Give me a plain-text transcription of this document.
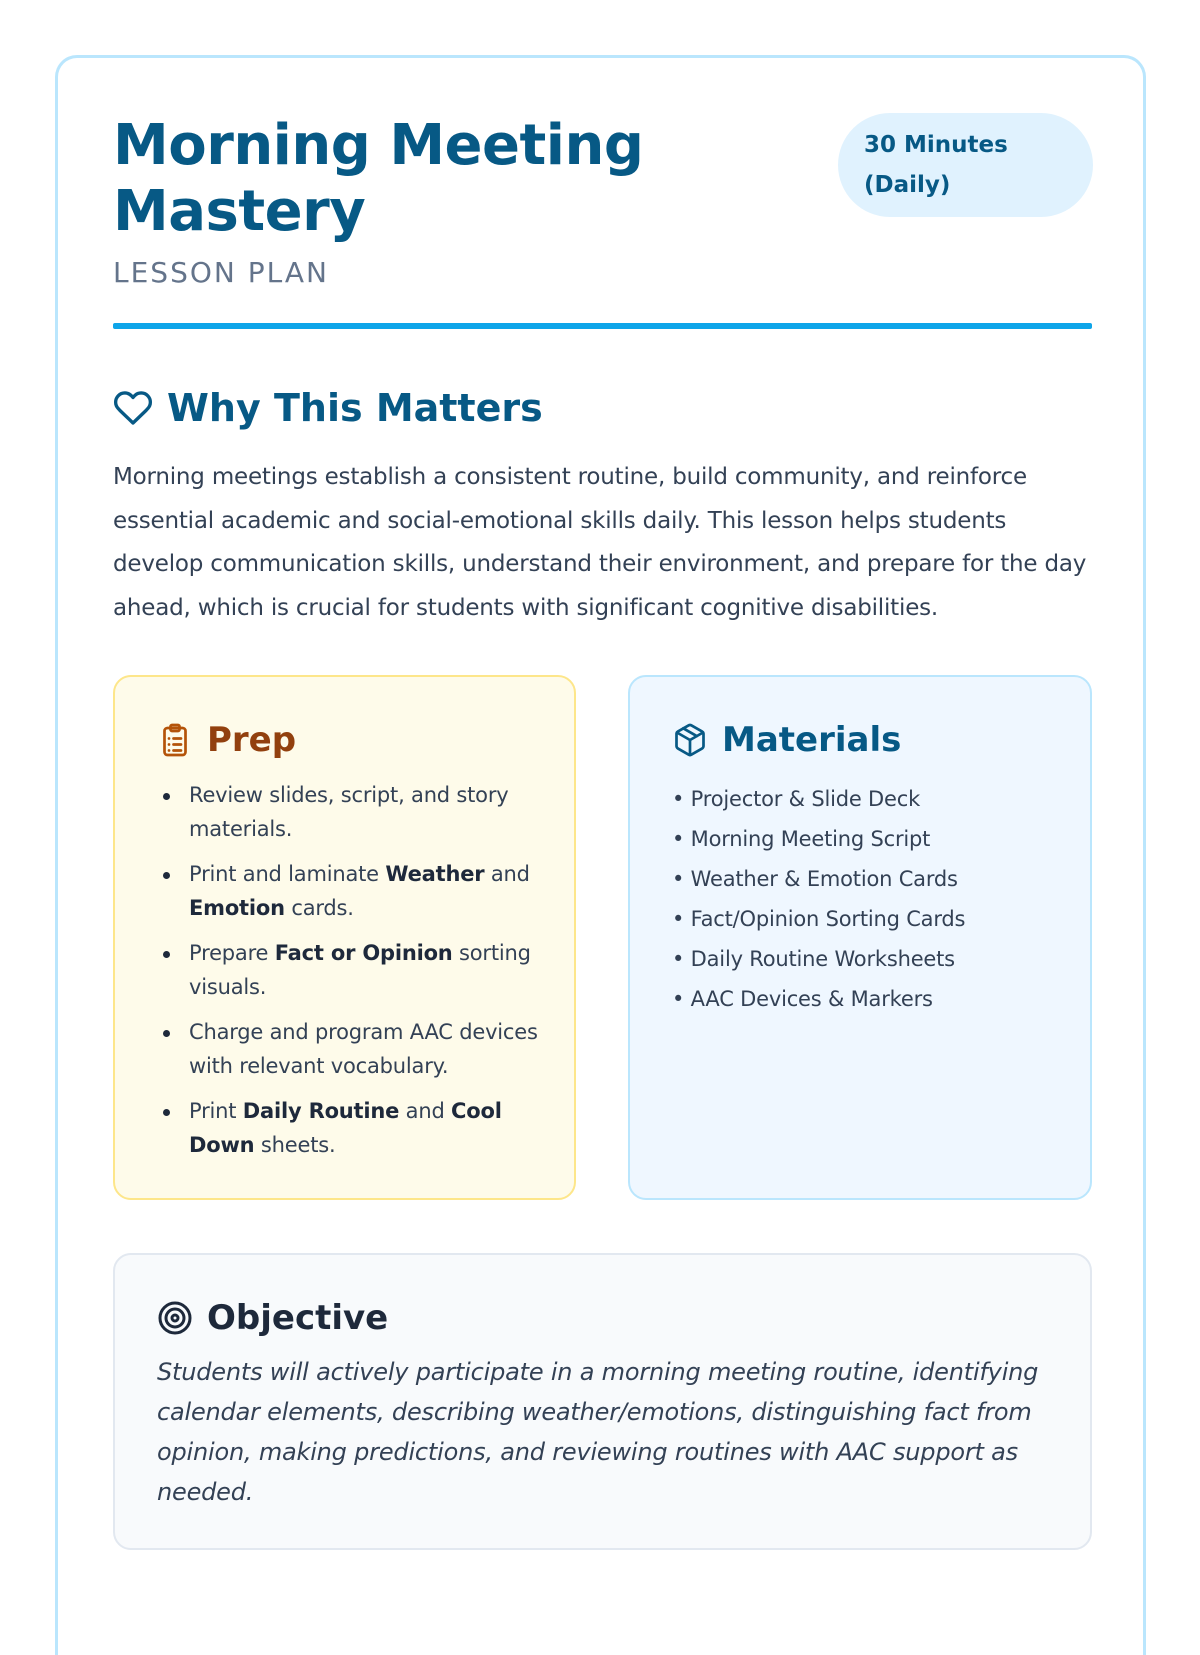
Morning Meeting Mastery
LESSON PLAN
30 Minutes (Daily)
Why This Matters

Morning meetings establish a consistent routine, build community, and reinforce essential academic and social-emotional skills daily. This lesson helps students develop communication skills, understand their environment, and prepare for the day ahead, which is crucial for students with significant cognitive disabilities.

Prep
Review slides, script, and story materials.
Print and laminate Weather and Emotion cards.
Prepare Fact or Opinion sorting visuals.
Charge and program AAC devices with relevant vocabulary.
Print Daily Routine and Cool Down sheets.
Materials
• Projector & Slide Deck
• Morning Meeting Script
• Weather & Emotion Cards
• Fact/Opinion Sorting Cards
• Daily Routine Worksheets
• AAC Devices & Markers
Objective

Students will actively participate in a morning meeting routine, identifying calendar elements, describing weather/emotions, distinguishing fact from opinion, making predictions, and reviewing routines with AAC support as needed.
